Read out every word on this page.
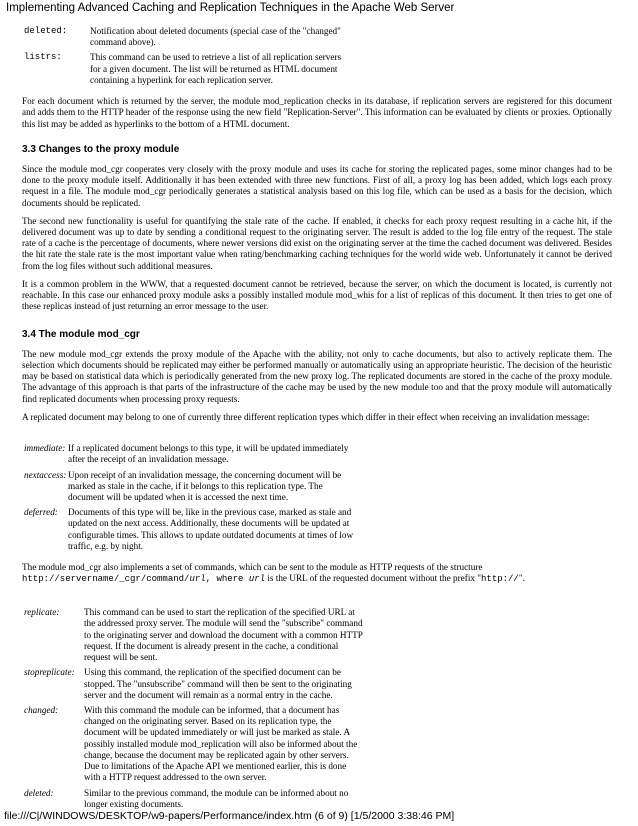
Implementing Advanced Caching and Replication Techniques in the Apache Web Server
deleted:	Notification about deleted documents (special case of the "changed" command above).
listrs:	This command can be used to retrieve a list of all replication servers for a given document. The list will be returned as HTML document containing a hyperlink for each replication server.

For each document which is returned by the server, the module mod_replication checks in its database, if replication servers are registered for this document and adds them to the HTTP header of the response using the new field "Replication-Server". This information can be evaluated by clients or proxies. Optionally this list may be added as hyperlinks to the bottom of a HTML document.

3.3 Changes to the proxy module

Since the module mod_cgr cooperates very closely with the proxy module and uses its cache for storing the replicated pages, some minor changes had to be done to the proxy module itself. Additionally it has been extended with three new functions. First of all, a proxy log has been added, which logs each proxy request in a file. The module mod_cgr periodically generates a statistical analysis based on this log file, which can be used as a basis for the decision, which documents should be replicated.

The second new functionality is useful for quantifying the stale rate of the cache. If enabled, it checks for each proxy request resulting in a cache hit, if the delivered document was up to date by sending a conditional request to the originating server. The result is added to the log file entry of the request. The stale rate of a cache is the percentage of documents, where newer versions did exist on the originating server at the time the cached document was delivered. Besides the hit rate the stale rate is the most important value when rating/benchmarking caching techniques for the world wide web. Unfortunately it cannot be derived from the log files without such additional measures.

It is a common problem in the WWW, that a requested document cannot be retrieved, because the server, on which the document is located, is currently not reachable. In this case our enhanced proxy module asks a possibly installed module mod_whis for a list of replicas of this document. It then tries to get one of these replicas instead of just returning an error message to the user.

3.4 The module mod_cgr

The new module mod_cgr extends the proxy module of the Apache with the ability, not only to cache documents, but also to actively replicate them. The selection which documents should be replicated may either be performed manually or automatically using an appropriate heuristic. The decision of the heuristic may be based on statistical data which is periodically generated from the new proxy log. The replicated documents are stored in the cache of the proxy module. The advantage of this approach is that parts of the infrastructure of the cache may be used by the new module too and that the proxy module will automatically find replicated documents when processing proxy requests.

A replicated document may belong to one of currently three different replication types which differ in their effect when receiving an invalidation message:

immediate:	If a replicated document belongs to this type, it will be updated immediately after the receipt of an invalidation message.
nextaccess:	Upon receipt of an invalidation message, the concerning document will be marked as stale in the cache, if it belongs to this replication type. The document will be updated when it is accessed the next time.
deferred:	Documents of this type will be, like in the previous case, marked as stale and updated on the next access. Additionally, these documents will be updated at configurable times. This allows to update outdated documents at times of low traffic, e.g. by night.

The module mod_cgr also implements a set of commands, which can be sent to the module as HTTP requests of the structure
http://servername/_cgr/command/url, where url is the URL of the requested document without the prefix "http://".

replicate:	This command can be used to start the replication of the specified URL at the addressed proxy server. The module will send the "subscribe" command to the originating server and download the document with a common HTTP request. If the document is already present in the cache, a conditional request will be sent.
stopreplicate:	Using this command, the replication of the specified document can be stopped. The "unsubscribe" command will then be sent to the originating server and the document will remain as a normal entry in the cache.
changed:	With this command the module can be informed, that a document has changed on the originating server. Based on its replication type, the document will be updated immediately or will just be marked as stale. A possibly installed module mod_replication will also be informed about the change, because the document may be replicated again by other servers. Due to limitations of the Apache API we mentioned earlier, this is done with a HTTP request addressed to the own server.
deleted:	Similar to the previous command, the module can be informed about no longer existing documents.
file:///C|/WINDOWS/DESKTOP/w9-papers/Performance/index.htm (6 of 9) [1/5/2000 3:38:46 PM]
